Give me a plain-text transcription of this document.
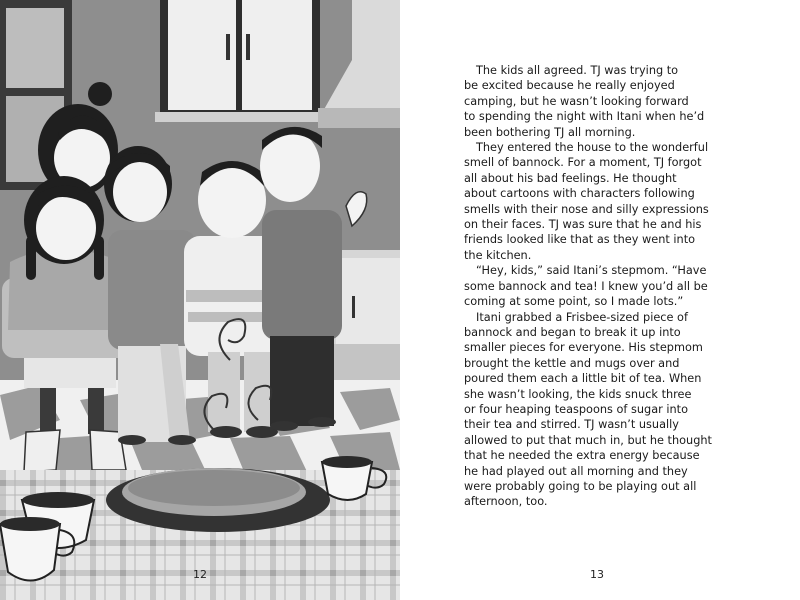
12

The kids all agreed. TJ was trying to
be excited because he really enjoyed
camping, but he wasn’t looking forward
to spending the night with Itani when he’d
been bothering TJ all morning.

They entered the house to the wonderful
smell of bannock. For a moment, TJ forgot
all about his bad feelings. He thought
about cartoons with characters following
smells with their nose and silly expressions
on their faces. TJ was sure that he and his
friends looked like that as they went into
the kitchen.

“Hey, kids,” said Itani’s stepmom. “Have
some bannock and tea! I knew you’d all be
coming at some point, so I made lots.”

Itani grabbed a Frisbee-sized piece of
bannock and began to break it up into
smaller pieces for everyone. His stepmom
brought the kettle and mugs over and
poured them each a little bit of tea. When
she wasn’t looking, the kids snuck three
or four heaping teaspoons of sugar into
their tea and stirred. TJ wasn’t usually
allowed to put that much in, but he thought
that he needed the extra energy because
he had played out all morning and they
were probably going to be playing out all
afternoon, too.

13
